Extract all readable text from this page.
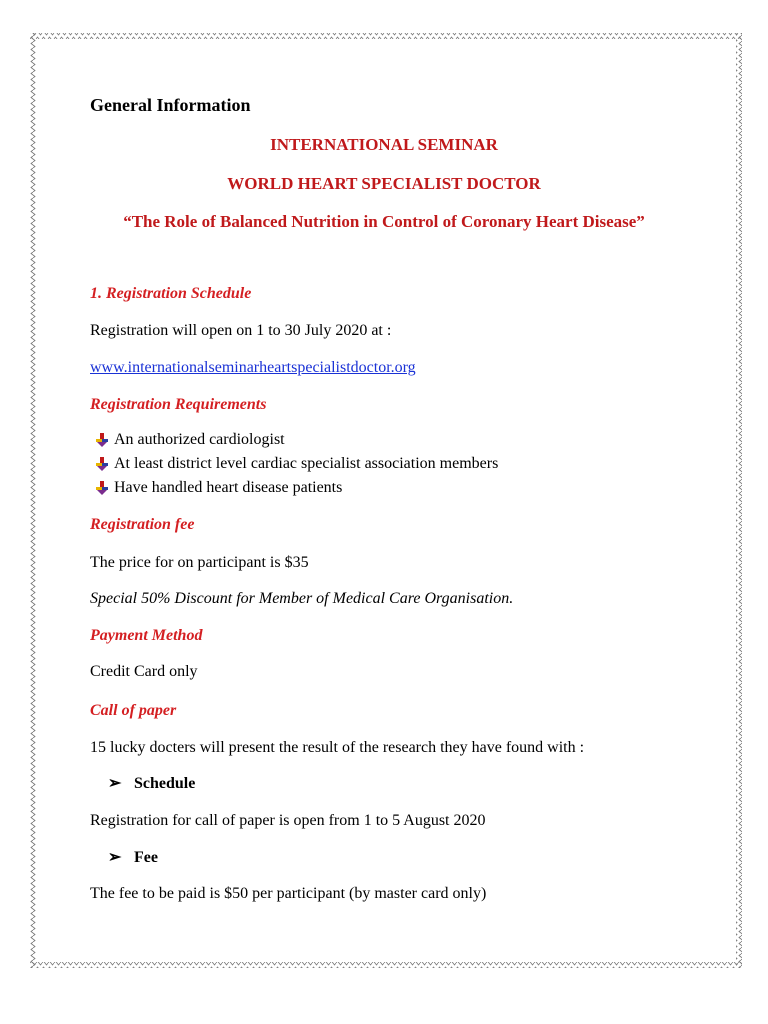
General Information
INTERNATIONAL SEMINAR
WORLD HEART SPECIALIST DOCTOR
“The Role of Balanced Nutrition in Control of Coronary Heart Disease”
1. Registration Schedule
Registration will open on 1 to 30 July 2020 at :
www.internationalseminarheartspecialistdoctor.org
Registration Requirements
An authorized cardiologist
At least district level cardiac specialist association members
Have handled heart disease patients
Registration fee
The price for on participant is $35
Special 50% Discount for Member of Medical Care Organisation.
Payment Method
Credit Card only
Call of paper
15 lucky docters will present the result of the research they have found with :
➢ Schedule
Registration for call of paper is open from 1 to 5 August 2020
➢ Fee
The fee to be paid is $50 per participant (by master card only)
